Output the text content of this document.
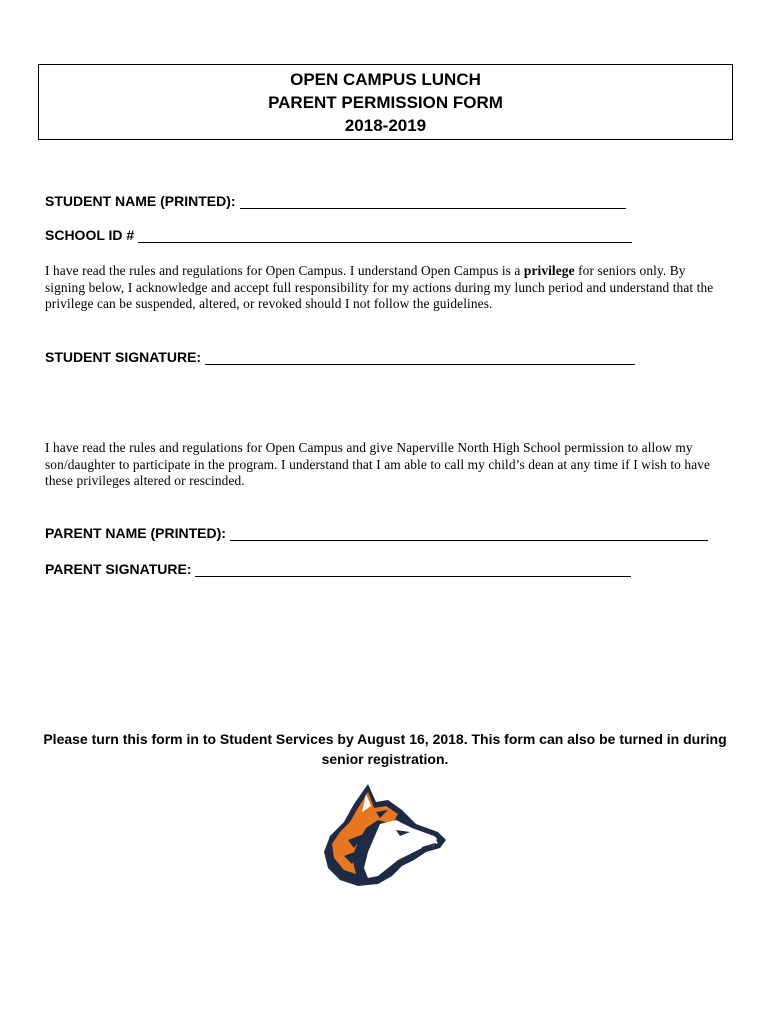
OPEN CAMPUS LUNCH
PARENT PERMISSION FORM
2018-2019
STUDENT NAME (PRINTED):
SCHOOL ID #
I have read the rules and regulations for Open Campus. I understand Open Campus is a privilege for seniors only. By signing below, I acknowledge and accept full responsibility for my actions during my lunch period and understand that the privilege can be suspended, altered, or revoked should I not follow the guidelines.
STUDENT SIGNATURE:
I have read the rules and regulations for Open Campus and give Naperville North High School permission to allow my son/daughter to participate in the program. I understand that I am able to call my child’s dean at any time if I wish to have these privileges altered or rescinded.
PARENT NAME (PRINTED):
PARENT SIGNATURE:
Please turn this form in to Student Services by August 16, 2018. This form can also be turned in during senior registration.
